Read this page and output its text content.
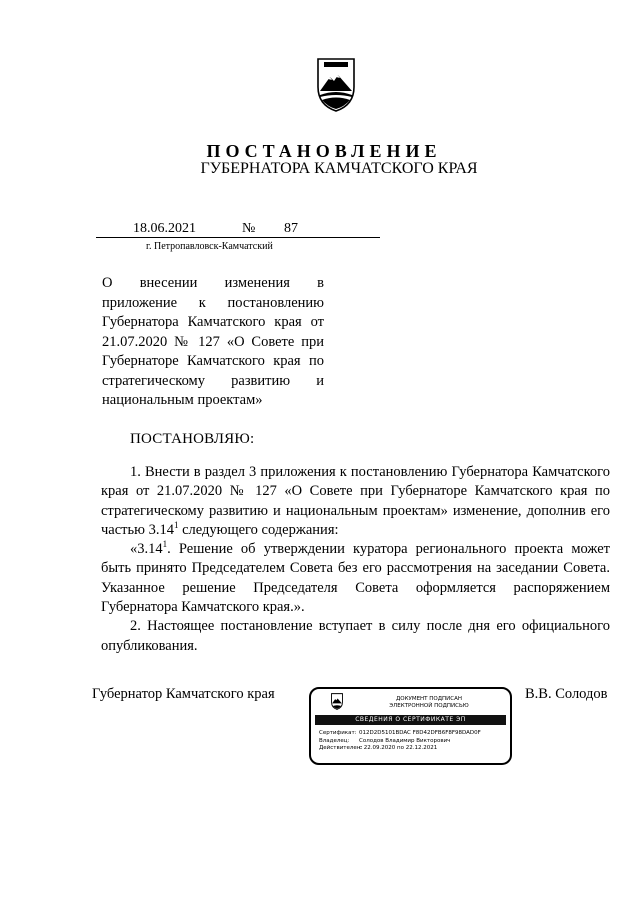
ПОСТАНОВЛЕНИЕ
ГУБЕРНАТОРА КАМЧАТСКОГО КРАЯ
18.06.2021	№ 87
г. Петропавловск-Камчатский
О внесении изменения в приложение к постановлению Губернатора Камчатского края от 21.07.2020 № 127 «О Совете при Губернаторе Камчатского края по стратегическому развитию и национальным проектам»
ПОСТАНОВЛЯЮ:

1. Внести в раздел 3 приложения к постановлению Губернатора Камчатского края от 21.07.2020 № 127 «О Совете при Губернаторе Камчатского края по стратегическому развитию и национальным проектам» изменение, дополнив его частью 3.14$^1$ следующего содержания:

«3.14$^1$. Решение об утверждении куратора регионального проекта может быть принято Председателем Совета без его рассмотрения на заседании Совета. Указанное решение Председателя Совета оформляется распоряжением Губернатора Камчатского края.».

2. Настоящее постановление вступает в силу после дня его официального опубликования.

Губернатор Камчатского края	В.В. Солодов
ДОКУМЕНТ ПОДПИСАН
ЭЛЕКТРОННОЙ ПОДПИСЬЮ
СВЕДЕНИЯ О СЕРТИФИКАТЕ ЭП
Сертификат: 012D2D5101BDAC F8D42DFB6F8F98DAD0F
Владелец:	Солодов Владимир Викторович
Действителен:
с 22.09.2020 по 22.12.2021
